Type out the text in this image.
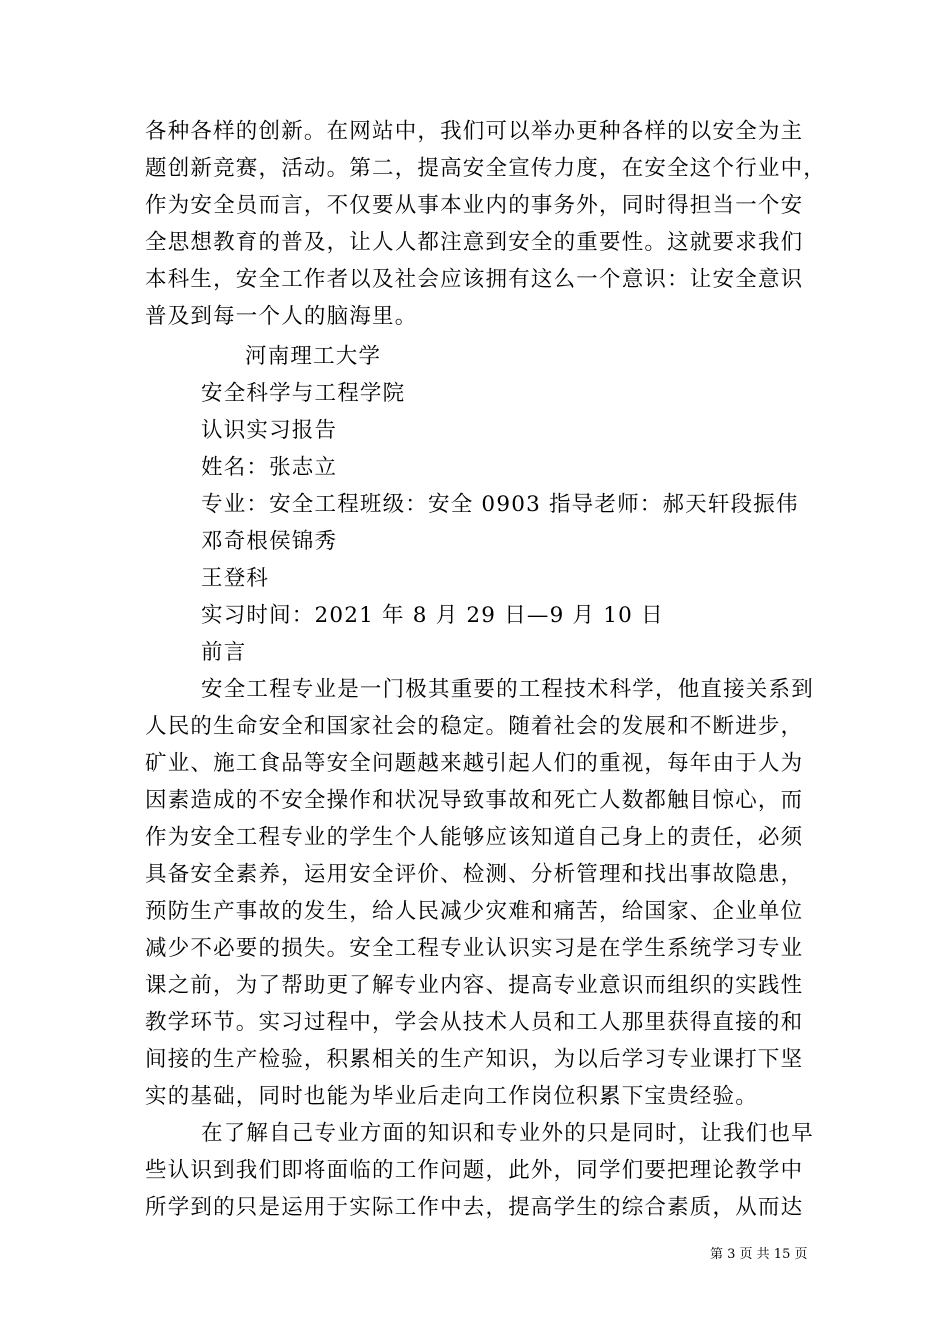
各种各样的创新。在网站中，我们可以举办更种各样的以安全为主
题创新竞赛，活动。第二，提高安全宣传力度，在安全这个行业中，
作为安全员而言，不仅要从事本业内的事务外，同时得担当一个安
全思想教育的普及，让人人都注意到安全的重要性。这就要求我们
本科生，安全工作者以及社会应该拥有这么一个意识：让安全意识
普及到每一个人的脑海里。
河南理工大学
安全科学与工程学院
认识实习报告
姓名：张志立
专业：安全工程班级：安全 0903 指导老师：郝天轩段振伟
邓奇根侯锦秀
王登科
实习时间：2021 年 8 月 29 日—9 月 10 日
前言
安全工程专业是一门极其重要的工程技术科学，他直接关系到
人民的生命安全和国家社会的稳定。随着社会的发展和不断进步，
矿业、施工食品等安全问题越来越引起人们的重视，每年由于人为
因素造成的不安全操作和状况导致事故和死亡人数都触目惊心，而
作为安全工程专业的学生个人能够应该知道自己身上的责任，必须
具备安全素养，运用安全评价、检测、分析管理和找出事故隐患，
预防生产事故的发生，给人民减少灾难和痛苦，给国家、企业单位
减少不必要的损失。安全工程专业认识实习是在学生系统学习专业
课之前，为了帮助更了解专业内容、提高专业意识而组织的实践性
教学环节。实习过程中，学会从技术人员和工人那里获得直接的和
间接的生产检验，积累相关的生产知识，为以后学习专业课打下坚
实的基础，同时也能为毕业后走向工作岗位积累下宝贵经验。
在了解自己专业方面的知识和专业外的只是同时，让我们也早
些认识到我们即将面临的工作问题，此外，同学们要把理论教学中
所学到的只是运用于实际工作中去，提高学生的综合素质，从而达
第 3 页 共 15 页
